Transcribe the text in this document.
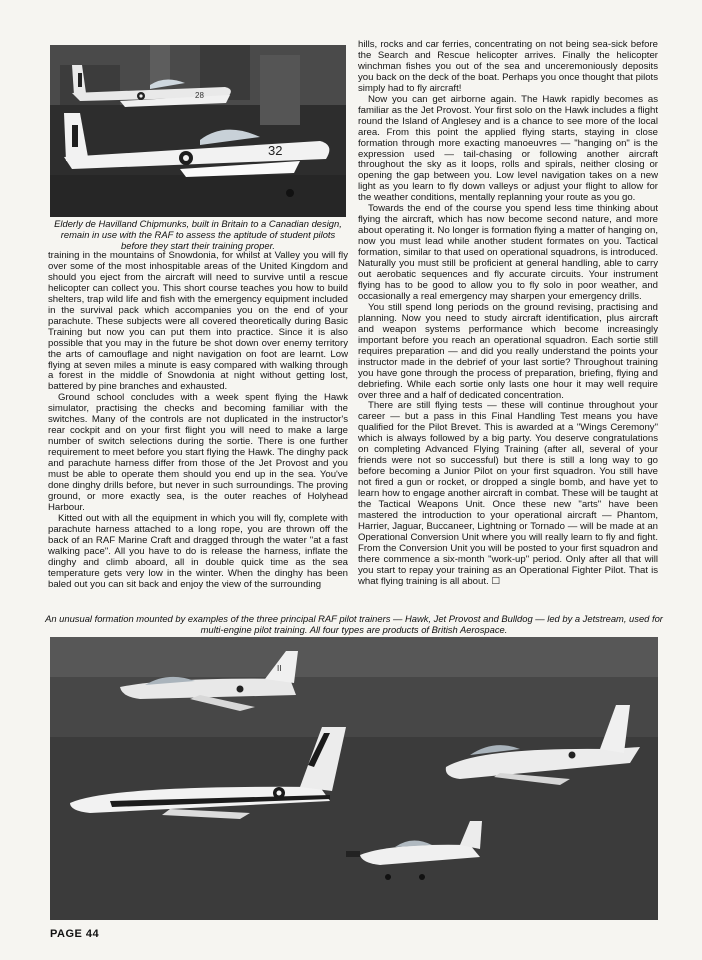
28
32
Elderly de Havilland Chipmunks, built in Britain to a Canadian design, remain in use with the RAF to assess the aptitude of student pilots before they start their training proper.

training in the mountains of Snowdonia, for whilst at Valley you will fly over some of the most inhospitable areas of the United Kingdom and should you eject from the aircraft will need to survive until a rescue helicopter can collect you. This short course teaches you how to build shelters, trap wild life and fish with the emergency equipment included in the survival pack which accompanies you on the end of your parachute. These subjects were all covered theoretically during Basic Training but now you can put them into practice. Since it is also possible that you may in the future be shot down over enemy territory the arts of camouflage and night navigation on foot are learnt. Low flying at seven miles a minute is easy compared with walking through a forest in the middle of Snowdonia at night without getting lost, battered by pine branches and exhausted.

Ground school concludes with a week spent flying the Hawk simulator, practising the checks and becoming familiar with the switches. Many of the controls are not duplicated in the instructor's rear cockpit and on your first flight you will need to make a large number of switch selections during the sortie. There is one further requirement to meet before you start flying the Hawk. The dinghy pack and parachute harness differ from those of the Jet Provost and you must be able to operate them should you end up in the sea. You've done dinghy drills before, but never in such surroundings. The proving ground, or more exactly sea, is the outer reaches of Holyhead Harbour.

Kitted out with all the equipment in which you will fly, complete with parachute harness attached to a long rope, you are thrown off the back of an RAF Marine Craft and dragged through the water "at a fast walking pace". All you have to do is release the harness, inflate the dinghy and climb aboard, all in double quick time as the sea temperature gets very low in the winter. When the dinghy has been baled out you can sit back and enjoy the view of the surrounding

hills, rocks and car ferries, concentrating on not being sea-sick before the Search and Rescue helicopter arrives. Finally the helicopter winchman fishes you out of the sea and unceremoniously deposits you back on the deck of the boat. Perhaps you once thought that pilots simply had to fly aircraft!

Now you can get airborne again. The Hawk rapidly becomes as familiar as the Jet Provost. Your first solo on the Hawk includes a flight round the Island of Anglesey and is a chance to see more of the local area. From this point the applied flying starts, staying in close formation through more exacting manoeuvres — "hanging on" is the expression used — tail-chasing or following another aircraft throughout the sky as it loops, rolls and spirals, neither closing or opening the gap between you. Low level navigation takes on a new light as you learn to fly down valleys or adjust your flight to allow for the weather conditions, mentally replanning your route as you go.

Towards the end of the course you spend less time thinking about flying the aircraft, which has now become second nature, and more about operating it. No longer is formation flying a matter of hanging on, now you must lead while another student formates on you. Tactical formation, similar to that used on operational squadrons, is introduced. Naturally you must still be proficient at general handling, able to carry out aerobatic sequences and fly accurate circuits. Your instrument flying has to be good to allow you to fly solo in poor weather, and occasionally a real emergency may sharpen your emergency drills.

You still spend long periods on the ground revising, practising and planning. Now you need to study aircraft identification, plus aircraft and weapon systems performance which become increasingly important before you reach an operational squadron. Each sortie still requires preparation — and did you really understand the points your instructor made in the debrief of your last sortie? Throughout training you have gone through the process of preparation, briefing, flying and debriefing. While each sortie only lasts one hour it may well require over three and a half of dedicated concentration.

There are still flying tests — these will continue throughout your career — but a pass in this Final Handling Test means you have qualified for the Pilot Brevet. This is awarded at a "Wings Ceremony" which is always followed by a big party. You deserve congratulations on completing Advanced Flying Training (after all, several of your friends were not so successful) but there is still a long way to go before becoming a Junior Pilot on your first squadron. You still have not fired a gun or rocket, or dropped a single bomb, and have yet to learn how to engage another aircraft in combat. These will be taught at the Tactical Weapons Unit. Once these new "arts" have been mastered the introduction to your operational aircraft — Phantom, Harrier, Jaguar, Buccaneer, Lightning or Tornado — will be made at an Operational Conversion Unit where you will really learn to fly and fight. From the Conversion Unit you will be posted to your first squadron and there commence a six-month "work-up" period. Only after all that will you start to repay your training as an Operational Fighter Pilot. That is what flying training is all about. ☐

An unusual formation mounted by examples of the three principal RAF pilot trainers — Hawk, Jet Provost and Bulldog — led by a Jetstream, used for multi-engine pilot training. All four types are products of British Aerospace.
II
PAGE 44
